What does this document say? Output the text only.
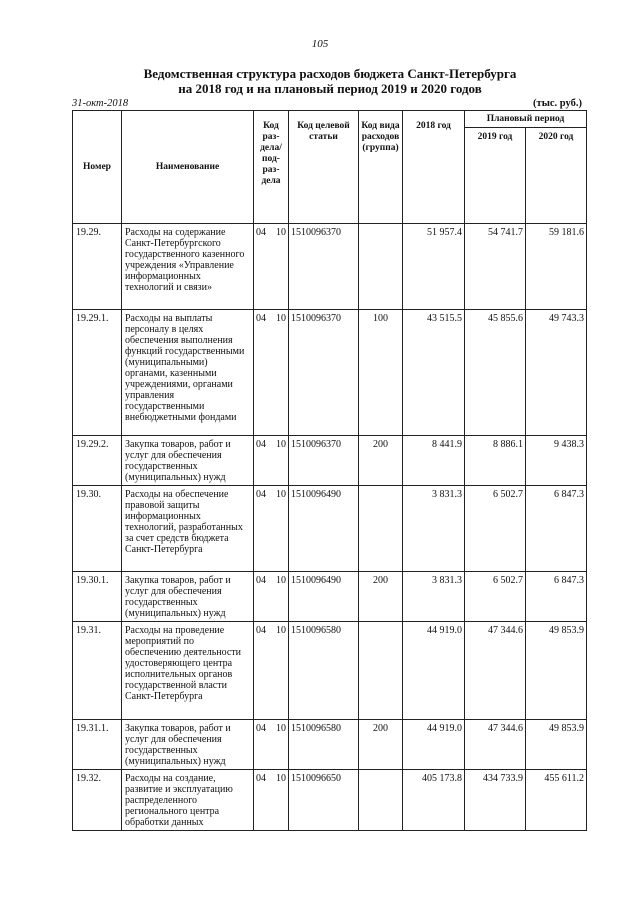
105
Ведомственная структура расходов бюджета Санкт-Петербурга
на 2018 год и на плановый период 2019 и 2020 годов
31-окт-2018	(тыс. руб.)
Номер	Наименование	Код раз- дела/ под- раз- дела	Код целевой статьи	Код вида расходов (группа)	2018 год	Плановый период	
						2019 год	2020 год
19.29.	Расходы на содержание Санкт-Петербургского государственного казенного учреждения «Управление информационных технологий и связи»	04 10	1510096370		51 957.4	54 741.7	59 181.6
19.29.1.	Расходы на выплаты персоналу в целях обеспечения выполнения функций государственными (муниципальными) органами, казенными учреждениями, органами управления государственными внебюджетными фондами	04 10	1510096370	100	43 515.5	45 855.6	49 743.3
19.29.2.	Закупка товаров, работ и услуг для обеспечения государственных (муниципальных) нужд	04 10	1510096370	200	8 441.9	8 886.1	9 438.3
19.30.	Расходы на обеспечение правовой защиты информационных технологий, разработанных за счет средств бюджета Санкт-Петербурга	04 10	1510096490		3 831.3	6 502.7	6 847.3
19.30.1.	Закупка товаров, работ и услуг для обеспечения государственных (муниципальных) нужд	04 10	1510096490	200	3 831.3	6 502.7	6 847.3
19.31.	Расходы на проведение мероприятий по обеспечению деятельности удостоверяющего центра исполнительных органов государственной власти Санкт-Петербурга	04 10	1510096580		44 919.0	47 344.6	49 853.9
19.31.1.	Закупка товаров, работ и услуг для обеспечения государственных (муниципальных) нужд	04 10	1510096580	200	44 919.0	47 344.6	49 853.9
19.32.	Расходы на создание, развитие и эксплуатацию распределенного регионального центра обработки данных	04 10	1510096650		405 173.8	434 733.9	455 611.2
